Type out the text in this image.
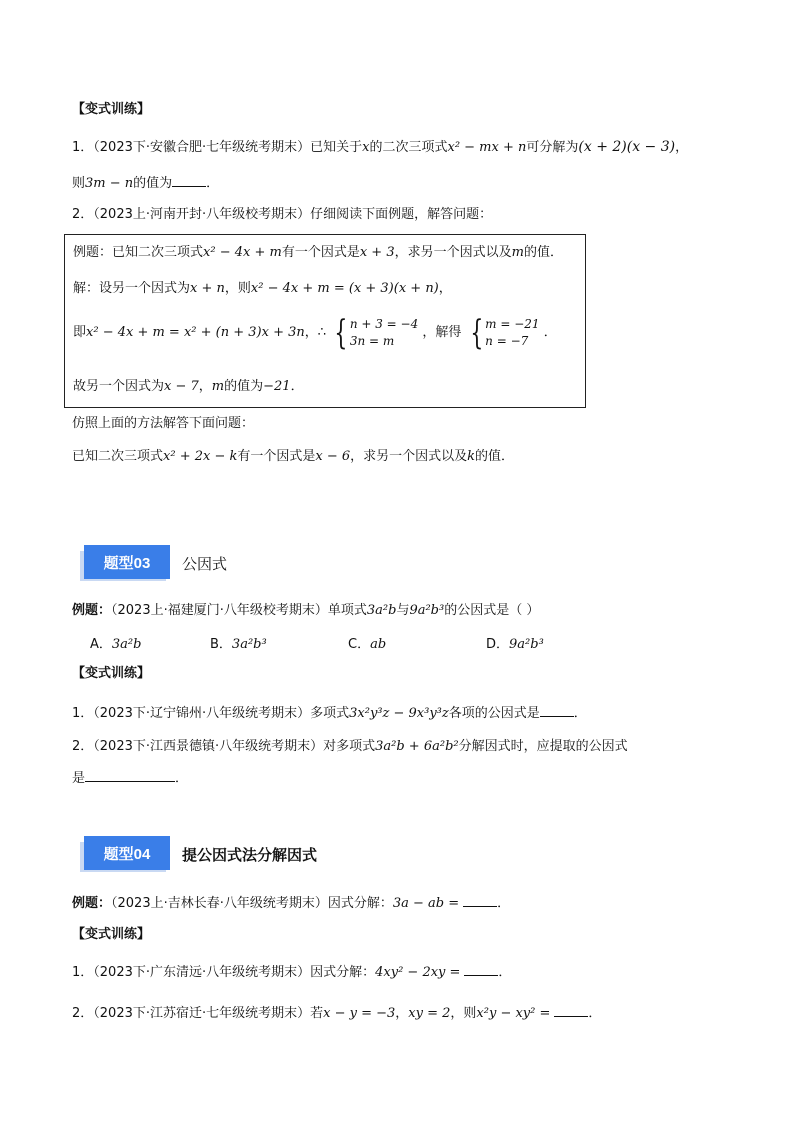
【变式训练】
1．（2023下·安徽合肥·七年级统考期末）已知关于x的二次三项式x² − mx + n可分解为(x + 2)(x − 3)，
则3m − n的值为	．
2．（2023上·河南开封·八年级校考期末）仔细阅读下面例题，解答问题：
例题：已知二次三项式x² − 4x + m有一个因式是x + 3，求另一个因式以及m的值．
解：设另一个因式为x + n，则x² − 4x + m = (x + 3)(x + n)，
即x² − 4x + m = x² + (n + 3)x + 3n，∴ { n + 3 = −4
3n = m
，解得 { m = −21
n = −7
．
故另一个因式为x − 7，m的值为−21．
仿照上面的方法解答下面问题：
已知二次三项式x² + 2x − k有一个因式是x − 6，求另一个因式以及k的值．
题型03 公因式
例题：（2023上·福建厦门·八年级校考期末）单项式3a²b与9a²b³的公因式是（ ）
A．3a²b	B．3a²b³	C．ab	D．9a²b³
【变式训练】
1．（2023下·辽宁锦州·八年级统考期末）多项式3x²y³z − 9x³y³z各项的公因式是	．
2．（2023下·江西景德镇·八年级统考期末）对多项式3a²b + 6a²b²分解因式时，应提取的公因式
是	．
题型04 提公因式法分解因式
例题：（2023上·吉林长春·八年级统考期末）因式分解：3a − ab =	．
【变式训练】
1．（2023下·广东清远·八年级统考期末）因式分解：4xy² − 2xy =	．
2．（2023下·江苏宿迁·七年级统考期末）若x − y = −3，xy = 2，则x²y − xy² =	．
